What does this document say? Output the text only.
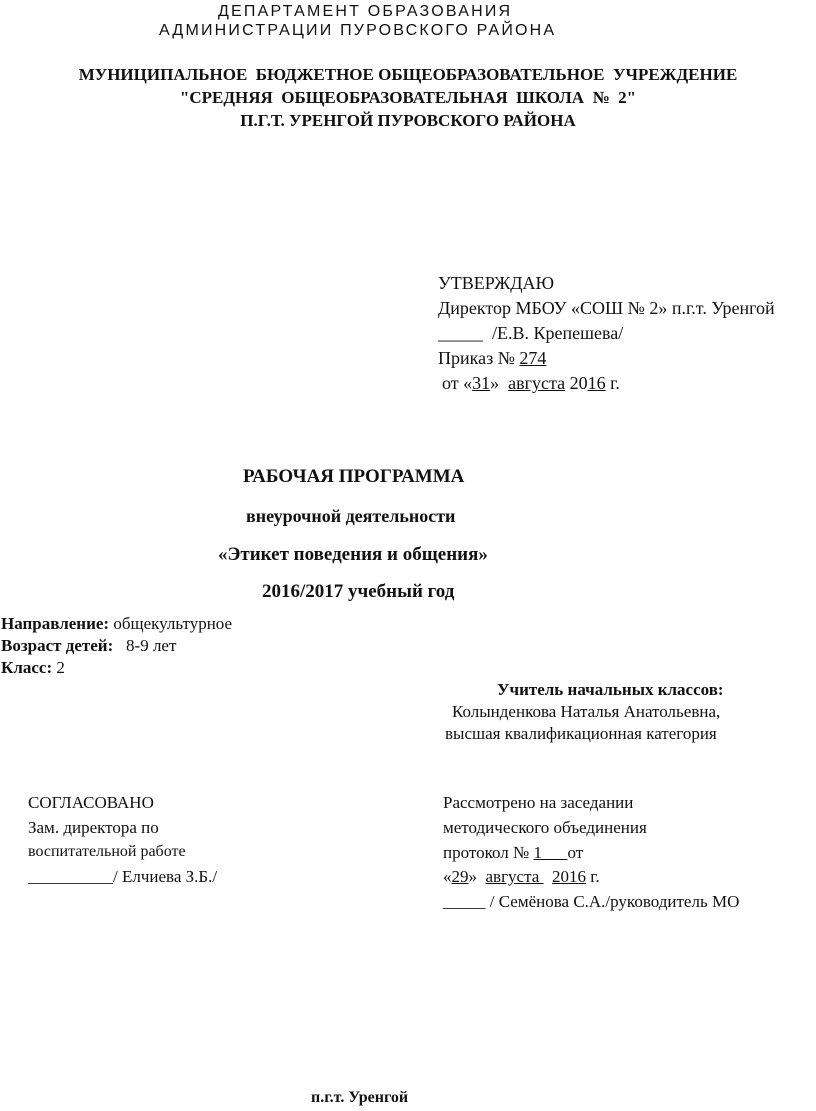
ДЕПАРТАМЕНТ ОБРАЗОВАНИЯ
АДМИНИСТРАЦИИ ПУРОВСКОГО РАЙОНА
МУНИЦИПАЛЬНОЕ  БЮДЖЕТНОЕ ОБЩЕОБРАЗОВАТЕЛЬНОЕ  УЧРЕЖДЕНИЕ
"СРЕДНЯЯ  ОБЩЕОБРАЗОВАТЕЛЬНАЯ  ШКОЛА  №  2"
П.Г.Т. УРЕНГОЙ ПУРОВСКОГО РАЙОНА
УТВЕРЖДАЮ
Директор МБОУ «СОШ № 2» п.г.т. Уренгой
_____  /Е.В. Крепешева/
Приказ № 274
от «31»  августа 2016 г.
РАБОЧАЯ ПРОГРАММА
внеурочной деятельности
«Этикет поведения и общения»
2016/2017 учебный год
Направление: общекультурное
Возраст детей:   8-9 лет
Класс: 2
Учитель начальных классов:
Колынденкова Наталья Анатольевна,
высшая квалификационная категория
СОГЛАСОВАНО
Зам. директора по
воспитательной работе
__________/ Елчиева З.Б./
Рассмотрено на заседании
методического объединения
протокол № 1      от
«29»  августа   2016 г.
_____ / Семёнова С.А./руководитель МО
п.г.т. Уренгой
